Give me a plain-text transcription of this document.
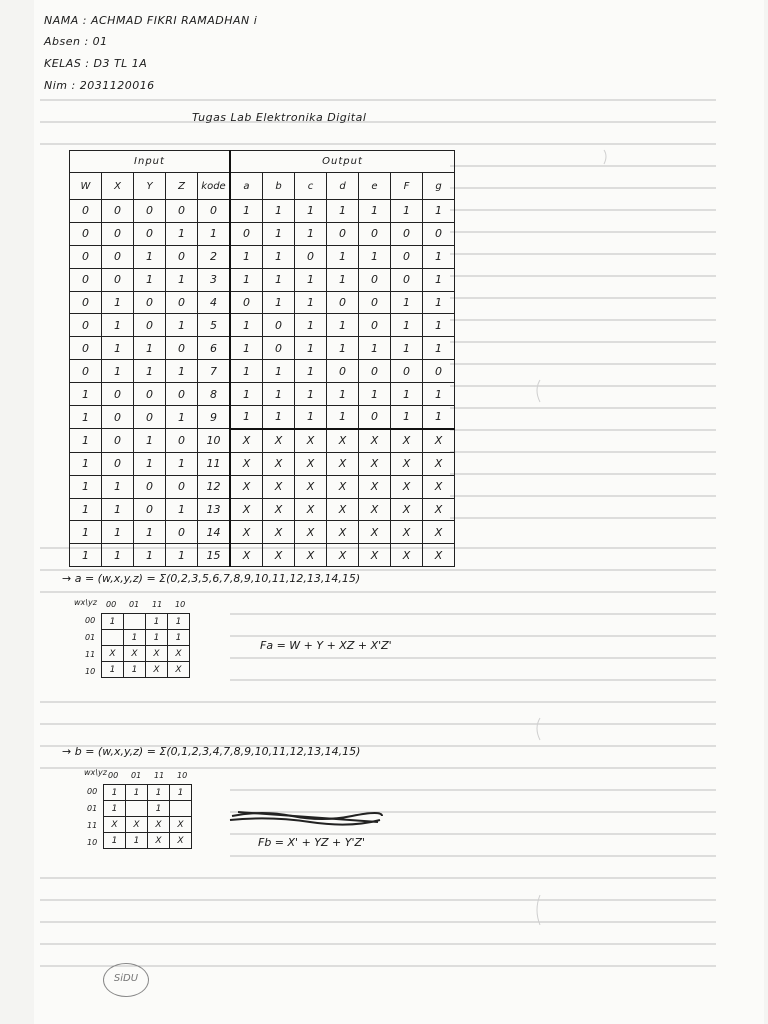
NAMA : ACHMAD FIKRI RAMADHAN i
Absen : 01
KELAS : D3 TL 1A
Nim : 2031120016
Tugas Lab Elektronika Digital
Input					Output						
W	X	Y	Z	kode	a	b	c	d	e	F	g
0	0	0	0	0	1	1	1	1	1	1	1
0	0	0	1	1	0	1	1	0	0	0	0
0	0	1	0	2	1	1	0	1	1	0	1
0	0	1	1	3	1	1	1	1	0	0	1
0	1	0	0	4	0	1	1	0	0	1	1
0	1	0	1	5	1	0	1	1	0	1	1
0	1	1	0	6	1	0	1	1	1	1	1
0	1	1	1	7	1	1	1	0	0	0	0
1	0	0	0	8	1	1	1	1	1	1	1
1	0	0	1	9	1	1	1	1	0	1	1
1	0	1	0	10	X	X	X	X	X	X	X
1	0	1	1	11	X	X	X	X	X	X	X
1	1	0	0	12	X	X	X	X	X	X	X
1	1	0	1	13	X	X	X	X	X	X	X
1	1	1	0	14	X	X	X	X	X	X	X
1	1	1	1	15	X	X	X	X	X	X	X
→ a = (w,x,y,z) = Σ(0,2,3,5,6,7,8,9,10,11,12,13,14,15)
wx\yz 00 01 11 10
00
01
11
10
1		1	1
	1	1	1
X	X	X	X
1	1	X	X
Fa = W + Y + XZ + X'Z'
→ b = (w,x,y,z) = Σ(0,1,2,3,4,7,8,9,10,11,12,13,14,15)
wx\yz 00 01 11 10
00
01
11
10
1	1	1	1
1		1	
X	X	X	X
1	1	X	X	Fb = X' + YZ + Y'Z'
SiDU
